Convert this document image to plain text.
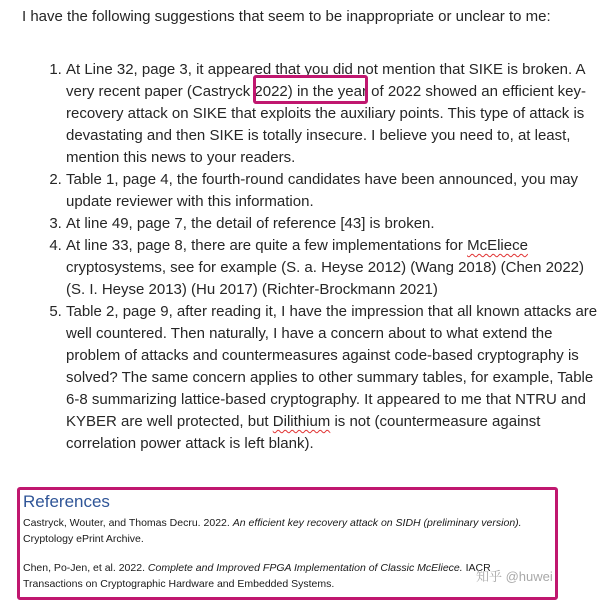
I have the following suggestions that seem to be inappropriate or unclear to me:

1. At Line 32, page 3, it appeared that you did not mention that SIKE is broken. A very recent paper (Castryck 2022) in the year of 2022 showed an efficient key-recovery attack on SIKE that exploits the auxiliary points. This type of attack is devastating and then SIKE is totally insecure. I believe you need to, at least, mention this news to your readers.
2. Table 1, page 4, the fourth-round candidates have been announced, you may update reviewer with this information.
3. At line 49, page 7, the detail of reference [43] is broken.
4. At line 33, page 8, there are quite a few implementations for McEliece cryptosystems, see for example (S. a. Heyse 2012) (Wang 2018) (Chen 2022) (S. I. Heyse 2013) (Hu 2017) (Richter-Brockmann 2021)
5. Table 2, page 9, after reading it, I have the impression that all known attacks are well countered. Then naturally, I have a concern about to what extend the problem of attacks and countermeasures against code-based cryptography is solved? The same concern applies to other summary tables, for example, Table 6-8 summarizing lattice-based cryptography. It appeared to me that NTRU and KYBER are well protected, but Dilithium is not (countermeasure against correlation power attack is left blank).
References

Castryck, Wouter, and Thomas Decru. 2022. An efficient key recovery attack on SIDH (preliminary version). Cryptology ePrint Archive.

Chen, Po-Jen, et al. 2022. Complete and Improved FPGA Implementation of Classic McEliece. IACR Transactions on Cryptographic Hardware and Embedded Systems.	知乎 @huwei
